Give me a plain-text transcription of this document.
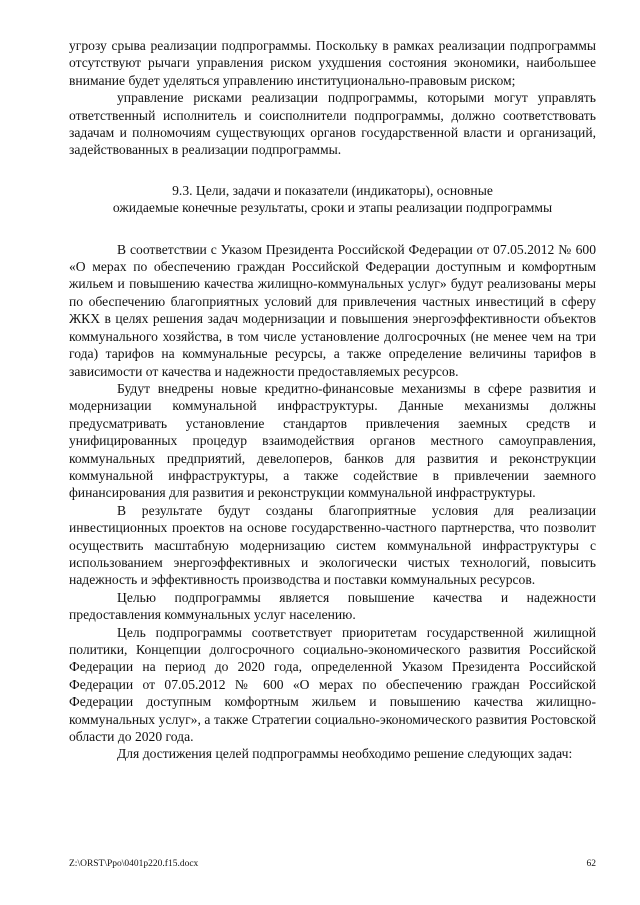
угрозу срыва реализации подпрограммы. Поскольку в рамках реализации подпрограммы отсутствуют рычаги управления риском ухудшения состояния экономики, наибольшее внимание будет уделяться управлению институционально-правовым риском;

управление рисками реализации подпрограммы, которыми могут управлять ответственный исполнитель и соисполнители подпрограммы, должно соответствовать задачам и полномочиям существующих органов государственной власти и организаций, задействованных в реализации подпрограммы.

9.3. Цели, задачи и показатели (индикаторы), основные
ожидаемые конечные результаты, сроки и этапы реализации подпрограммы

В соответствии с Указом Президента Российской Федерации от 07.05.2012 № 600 «О мерах по обеспечению граждан Российской Федерации доступным и комфортным жильем и повышению качества жилищно-коммунальных услуг» будут реализованы меры по обеспечению благоприятных условий для привлечения частных инвестиций в сферу ЖКХ в целях решения задач модернизации и повышения энергоэффективности объектов коммунального хозяйства, в том числе установление долгосрочных (не менее чем на три года) тарифов на коммунальные ресурсы, а также определение величины тарифов в зависимости от качества и надежности предоставляемых ресурсов.

Будут внедрены новые кредитно-финансовые механизмы в сфере развития и модернизации коммунальной инфраструктуры. Данные механизмы должны предусматривать установление стандартов привлечения заемных средств и унифицированных процедур взаимодействия органов местного самоуправления, коммунальных предприятий, девелоперов, банков для развития и реконструкции коммунальной инфраструктуры, а также содействие в привлечении заемного финансирования для развития и реконструкции коммунальной инфраструктуры.

В результате будут созданы благоприятные условия для реализации инвестиционных проектов на основе государственно-частного партнерства, что позволит осуществить масштабную модернизацию систем коммунальной инфраструктуры с использованием энергоэффективных и экологически чистых технологий, повысить надежность и эффективность производства и поставки коммунальных ресурсов.

Целью подпрограммы является повышение качества и надежности предоставления коммунальных услуг населению.

Цель подпрограммы соответствует приоритетам государственной жилищной политики, Концепции долгосрочного социально-экономического развития Российской Федерации на период до 2020 года, определенной Указом Президента Российской Федерации от 07.05.2012 № 600 «О мерах по обеспечению граждан Российской Федерации доступным комфортным жильем и повышению качества жилищно-коммунальных услуг», а также Стратегии социально-экономического развития Ростовской области до 2020 года.

Для достижения целей подпрограммы необходимо решение следующих задач:

Z:\ORST\Ppo\0401p220.f15.docx	62
